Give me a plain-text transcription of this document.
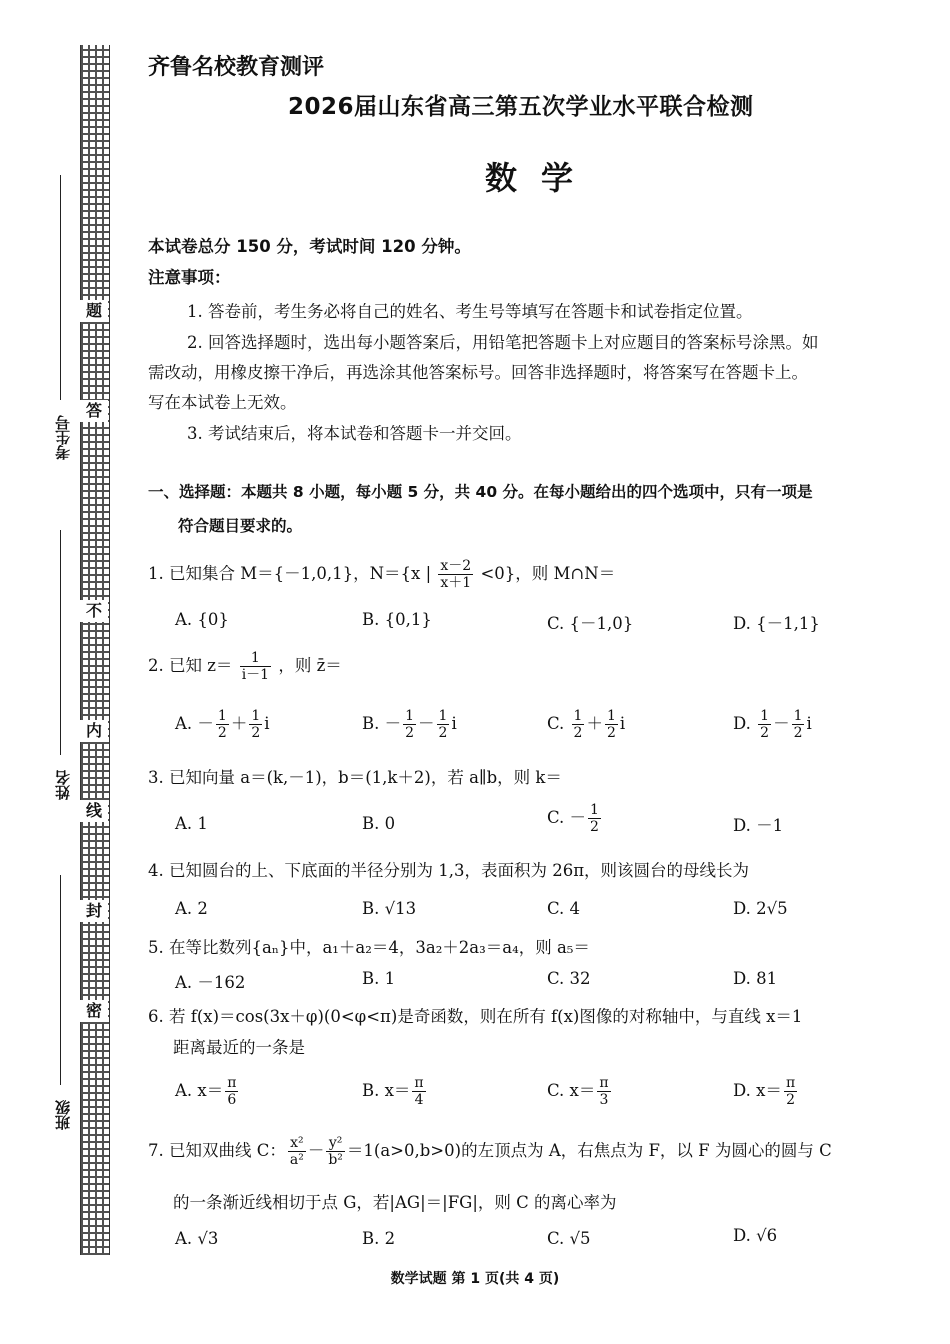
题
答
不
内
线
封
密
考生号
姓名
班级
齐鲁名校教育测评
2026届山东省高三第五次学业水平联合检测
数学
本试卷总分 150 分，考试时间 120 分钟。
注意事项：
1. 答卷前，考生务必将自己的姓名、考生号等填写在答题卡和试卷指定位置。
2. 回答选择题时，选出每小题答案后，用铅笔把答题卡上对应题目的答案标号涂黑。如
需改动，用橡皮擦干净后，再选涂其他答案标号。回答非选择题时，将答案写在答题卡上。
写在本试卷上无效。
3. 考试结束后，将本试卷和答题卡一并交回。
一、选择题：本题共 8 小题，每小题 5 分，共 40 分。在每小题给出的四个选项中，只有一项是
符合题目要求的。
1. 已知集合 M＝{－1,0,1}，N＝{x | $\frac{x-2}{x+1} <0$}，则 M∩N＝
A. {0}	B. {0,1}	C. {－1,0}	D. {－1,1}
2. 已知 $z= \frac{1}{i-1}$ ，则 z̄＝
A. － $\frac{1}{2} + \frac{1}{2}$ i	B. － $\frac{1}{2} - \frac{1}{2}$ i	C. $\frac{1}{2} + \frac{1}{2}$ i	D. $\frac{1}{2} - \frac{1}{2}$ i
3. 已知向量 a＝(k,－1)，b＝(1,k＋2)，若 a∥b，则 k＝
A. 1	B. 0	C. － $\frac{1}{2}$	D. －1
4. 已知圆台的上、下底面的半径分别为 1,3，表面积为 26π，则该圆台的母线长为
A. 2	B. √13	C. 4	D. 2√5
5. 在等比数列{aₙ}中，a₁＋a₂＝4，3a₂＋2a₃＝a₄，则 a₅＝
A. －162	B. 1	C. 32	D. 81
6. 若 f(x)＝cos(3x＋φ)(0<φ<π)是奇函数，则在所有 f(x)图像的对称轴中，与直线 x＝1
距离最近的一条是
A. $x= \frac{\pi}{6}$	B. $x= \frac{\pi}{4}$	C. $x= \frac{\pi}{3}$	D. $x= \frac{\pi}{2}$
7. 已知双曲线 C： $\frac{\text{x²}}{\text{a²}} - \frac{\text{y²}}{\text{b²}} =1(a>0,b>0)$的左顶点为 A，右焦点为 F，以 F 为圆心的圆与 C
的一条渐近线相切于点 G，若|AG|＝|FG|，则 C 的离心率为
A. √3	B. 2	C. √5	D. √6
数学试题 第 1 页(共 4 页)
